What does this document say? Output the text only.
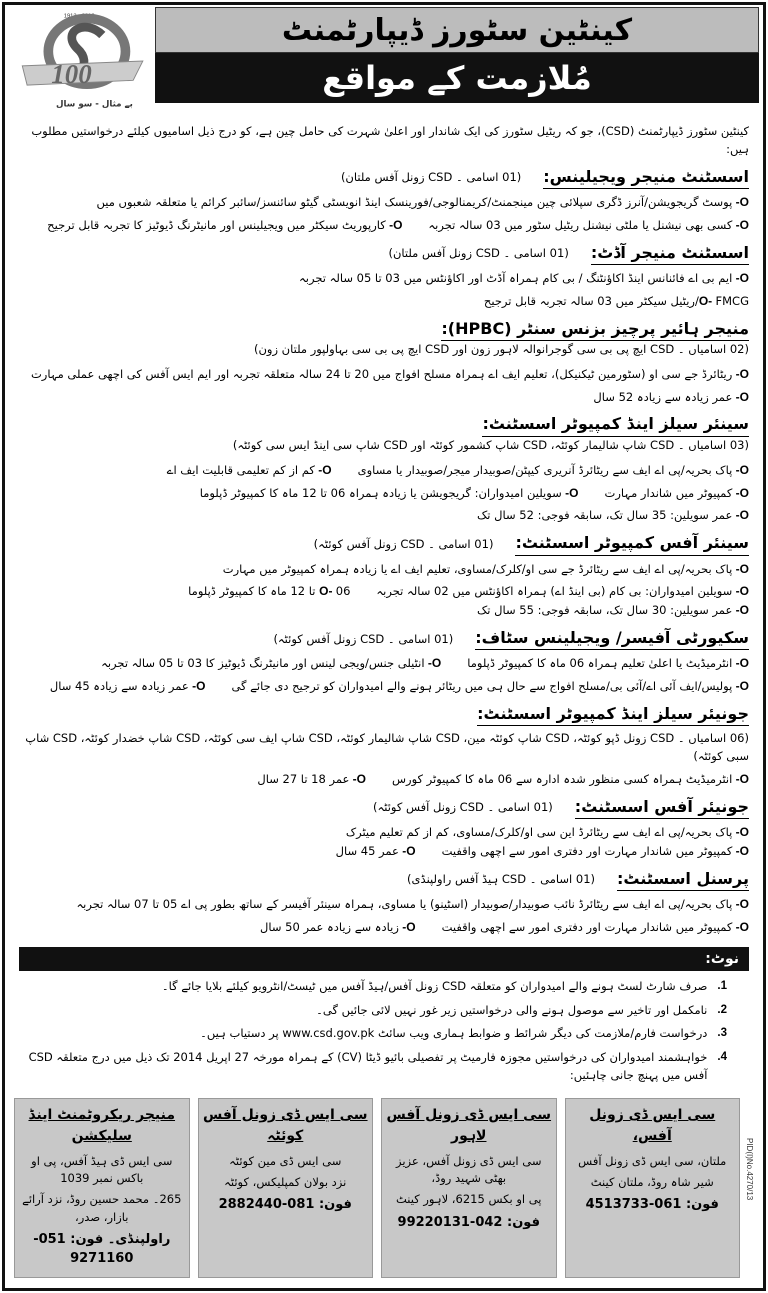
1913 - 2013
100
بے مثال - سو سال
کینٹین سٹورز ڈیپارٹمنٹ
مُلازمت کے مواقع
کینٹین سٹورز ڈیپارٹمنٹ (CSD)، جو کہ ریٹیل سٹورز کی ایک شاندار اور اعلیٰ شہرت کی حامل چین ہے، کو درج ذیل اسامیوں کیلئے درخواستیں مطلوب ہیں:
اسسٹنٹ منیجر ویجیلینس:
(01 اسامی ۔ CSD زونل آفس ملتان)
O- پوسٹ گریجویشن/آنرز ڈگری سپلائی چین مینجمنٹ/کریمنالوجی/فورینسک اینڈ انویسٹی گیٹو سائنسز/سائبر کرائم یا متعلقہ شعبوں میں
O- کسی بھی نیشنل یا ملٹی نیشنل ریٹیل سٹور میں 03 سالہ تجربہ
O- کارپوریٹ سیکٹر میں ویجیلینس اور مانیٹرنگ ڈیوٹیز کا تجربہ قابل ترجیح
اسسٹنٹ منیجر آڈٹ:
(01 اسامی ۔ CSD زونل آفس ملتان)
O- ایم بی اے فائنانس اینڈ اکاؤنٹنگ / بی کام ہمراہ آڈٹ اور اکاؤنٹس میں 03 تا 05 سالہ تجربہ
O- FMCG/ریٹیل سیکٹر میں 03 سالہ تجربہ قابل ترجیح
منیجر ہائیر پرچیز بزنس سنٹر (HPBC):
(02 اسامیاں ۔ CSD ایچ پی بی سی گوجرانوالہ لاہور زون اور CSD ایچ پی بی سی بہاولپور ملتان زون)
O- ریٹائرڈ جے سی او (سٹورمین ٹیکنیکل)، تعلیم ایف اے ہمراہ مسلح افواج میں 20 تا 24 سالہ متعلقہ تجربہ اور ایم ایس آفس کی اچھی عملی مہارت
O- عمر زیادہ سے زیادہ 52 سال
سینئر سیلز اینڈ کمپیوٹر اسسٹنٹ:
(03 اسامیاں ۔ CSD شاپ شالیمار کوئٹہ، CSD شاپ کشمور کوئٹہ اور CSD شاپ سی اینڈ ایس سی کوئٹہ)
O- پاک بحریہ/پی اے ایف سے ریٹائرڈ آنریری کیپٹن/صوبیدار میجر/صوبیدار یا مساوی
O- کم از کم تعلیمی قابلیت ایف اے
O- کمپیوٹر میں شاندار مہارت
O- سویلین امیدواران: گریجویشن یا زیادہ ہمراہ 06 تا 12 ماہ کا کمپیوٹر ڈپلوما
O- عمر سویلین: 35 سال تک، سابقہ فوجی: 52 سال تک
سینئر آفس کمپیوٹر اسسٹنٹ:
(01 اسامی ۔ CSD زونل آفس کوئٹہ)
O- پاک بحریہ/پی اے ایف سے ریٹائرڈ جے سی او/کلرک/مساوی، تعلیم ایف اے یا زیادہ ہمراہ کمپیوٹر میں مہارت
O- سویلین امیدواران: بی کام (بی اینڈ اے) ہمراہ اکاؤنٹس میں 02 سالہ تجربہ
O- 06 تا 12 ماہ کا کمپیوٹر ڈپلوما
O- عمر سویلین: 30 سال تک، سابقہ فوجی: 55 سال تک
سکیورٹی آفیسر/ ویجیلینس سٹاف:
(01 اسامی ۔ CSD زونل آفس کوئٹہ)
O- انٹرمیڈیٹ یا اعلیٰ تعلیم ہمراہ 06 ماہ کا کمپیوٹر ڈپلوما
O- انٹیلی جنس/ویجی لینس اور مانیٹرنگ ڈیوٹیز کا 03 تا 05 سالہ تجربہ
O- پولیس/ایف آئی اے/آئی بی/مسلح افواج سے حال ہی میں ریٹائر ہونے والے امیدواران کو ترجیح دی جائے گی
O- عمر زیادہ سے زیادہ 45 سال
جونیئر سیلز اینڈ کمپیوٹر اسسٹنٹ:
(06 اسامیاں ۔ CSD زونل ڈپو کوئٹہ، CSD شاپ کوئٹہ مین، CSD شاپ شالیمار کوئٹہ، CSD شاپ ایف سی کوئٹہ، CSD شاپ خضدار کوئٹہ، CSD شاپ سبی کوئٹہ)
O- انٹرمیڈیٹ ہمراہ کسی منظور شدہ ادارہ سے 06 ماہ کا کمپیوٹر کورس
O- عمر 18 تا 27 سال
جونیئر آفس اسسٹنٹ:
(01 اسامی ۔ CSD زونل آفس کوئٹہ)
O- پاک بحریہ/پی اے ایف سے ریٹائرڈ این سی او/کلرک/مساوی، کم از کم تعلیم میٹرک
O- کمپیوٹر میں شاندار مہارت اور دفتری امور سے اچھی واقفیت
O- عمر 45 سال
پرسنل اسسٹنٹ:
(01 اسامی ۔ CSD ہیڈ آفس راولپنڈی)
O- پاک بحریہ/پی اے ایف سے ریٹائرڈ نائب صوبیدار/صوبیدار (اسٹینو) یا مساوی، ہمراہ سینئر آفیسر کے ساتھ بطور پی اے 05 تا 07 سالہ تجربہ
O- کمپیوٹر میں شاندار مہارت اور دفتری امور سے اچھی واقفیت
O- زیادہ سے زیادہ عمر 50 سال
نوٹ:
1.
صرف شارٹ لسٹ ہونے والے امیدواران کو متعلقہ CSD زونل آفس/ہیڈ آفس میں ٹیسٹ/انٹرویو کیلئے بلایا جائے گا۔
2.
نامکمل اور تاخیر سے موصول ہونے والی درخواستیں زیر غور نہیں لائی جائیں گی۔
3.
درخواست فارم/ملازمت کی دیگر شرائط و ضوابط ہماری ویب سائٹ www.csd.gov.pk پر دستیاب ہیں۔
4.
خواہشمند امیدواران کی درخواستیں مجوزہ فارمیٹ پر تفصیلی بائیو ڈیٹا (CV) کے ہمراہ مورخہ 27 اپریل 2014 تک ذیل میں درج متعلقہ CSD آفس میں پہنچ جانی چاہئیں:
سی ایس ڈی زونل آفس،
ملتان، سی ایس ڈی زونل آفس
شیر شاہ روڈ، ملتان کینٹ
فون: 061-4513733
سی ایس ڈی زونل آفس لاہور
سی ایس ڈی زونل آفس، عزیز بھٹی شہید روڈ،
پی او بکس 6215، لاہور کینٹ
فون: 042-99220131
سی ایس ڈی زونل آفس کوئٹہ
سی ایس ڈی مین کوئٹہ
نزد بولان کمپلیکس، کوئٹہ
فون: 081-2882440
منیجر ریکروٹمنٹ اینڈ سلیکشن
سی ایس ڈی ہیڈ آفس، پی او باکس نمبر 1039
265۔ محمد حسین روڈ، نزد آرائے بازار، صدر،
راولپنڈی۔ فون: 051-9271160
PID(I)No.4270/13
